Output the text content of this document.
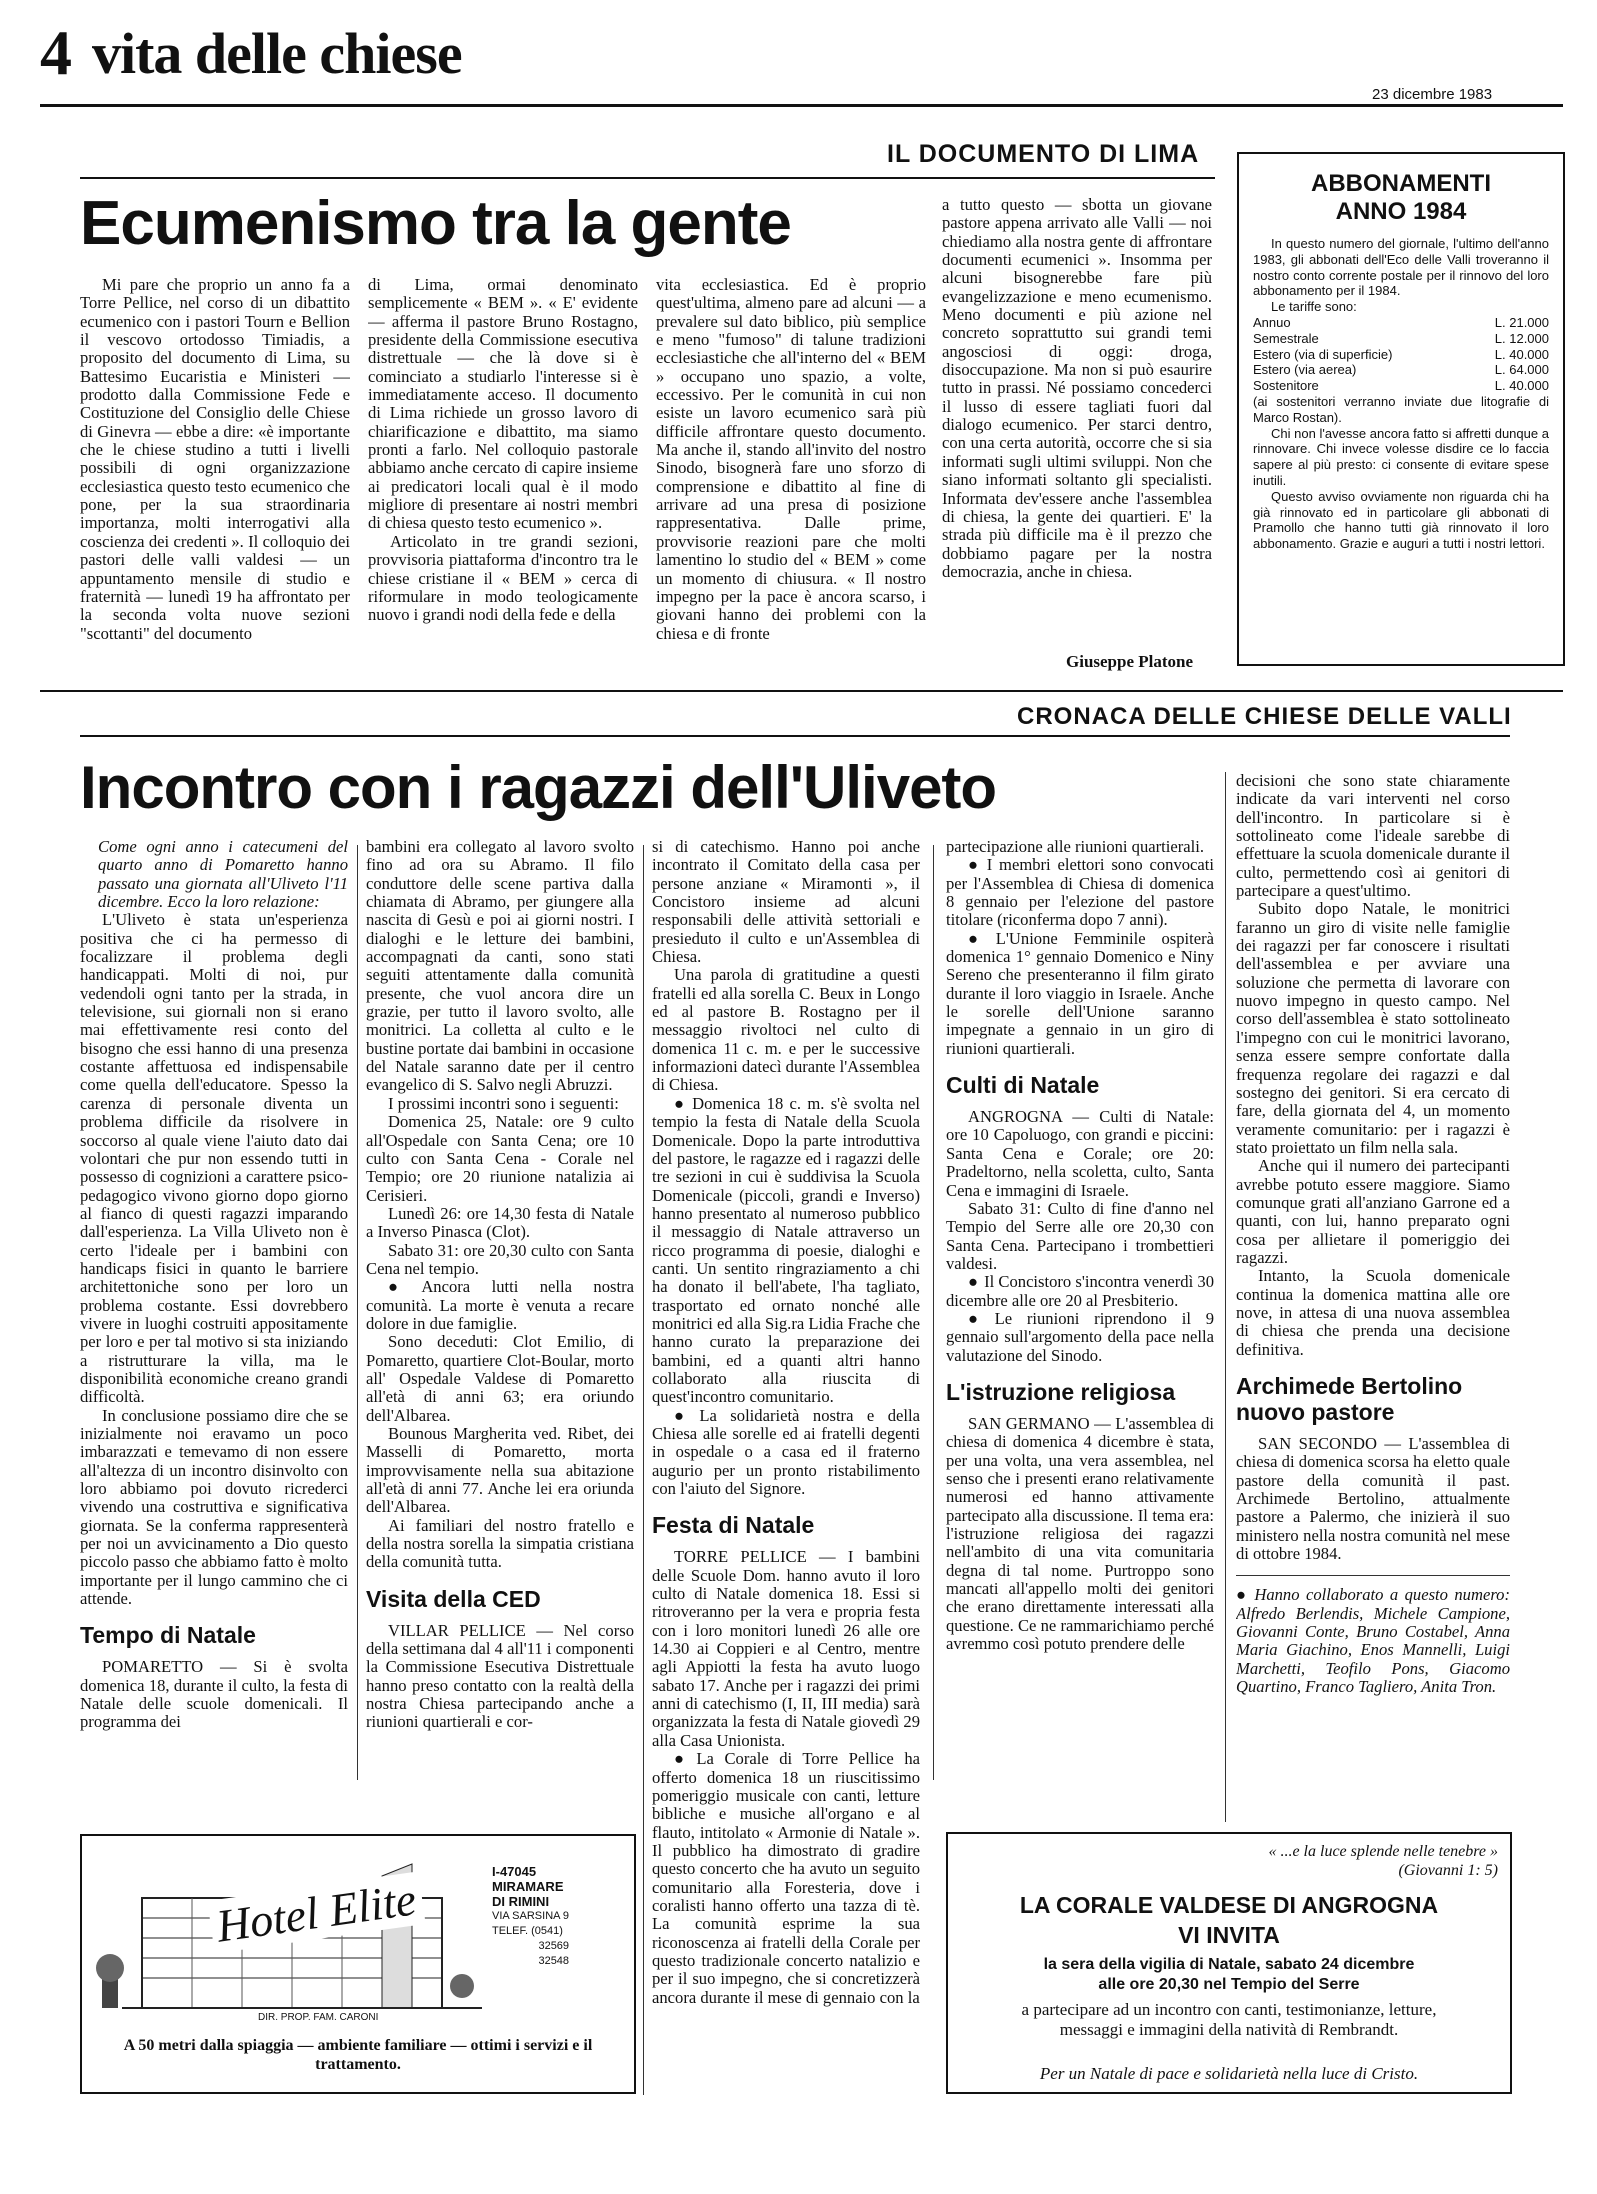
4 vita delle chiese
23 dicembre 1983
IL DOCUMENTO DI LIMA
Ecumenismo tra la gente

Mi pare che proprio un anno fa a Torre Pellice, nel corso di un dibattito ecumenico con i pastori Tourn e Bellion il vescovo ortodosso Timiadis, a proposito del documento di Lima, su Battesimo Eucaristia e Ministeri — prodotto dalla Commissione Fede e Costituzione del Consiglio delle Chiese di Ginevra — ebbe a dire: «è importante che le chiese studino a tutti i livelli possibili di ogni organizzazione ecclesiastica questo testo ecumenico che pone, per la sua straordinaria importanza, molti interrogativi alla coscienza dei credenti ». Il colloquio dei pastori delle valli valdesi — un appuntamento mensile di studio e fraternità — lunedì 19 ha affrontato per la seconda volta nuove sezioni "scottanti" del documento

di Lima, ormai denominato semplicemente « BEM ». « E' evidente — afferma il pastore Bruno Rostagno, presidente della Commissione esecutiva distrettuale — che là dove si è cominciato a studiarlo l'interesse si è immediatamente acceso. Il documento di Lima richiede un grosso lavoro di chiarificazione e dibattito, ma siamo pronti a farlo. Nel colloquio pastorale abbiamo anche cercato di capire insieme ai predicatori locali qual è il modo migliore di presentare ai nostri membri di chiesa questo testo ecumenico ».

Articolato in tre grandi sezioni, provvisoria piattaforma d'incontro tra le chiese cristiane il « BEM » cerca di riformulare in modo teologicamente nuovo i grandi nodi della fede e della

vita ecclesiastica. Ed è proprio quest'ultima, almeno pare ad alcuni — a prevalere sul dato biblico, più semplice e meno "fumoso" di talune tradizioni ecclesiastiche che all'interno del « BEM » occupano uno spazio, a volte, eccessivo. Per le comunità in cui non esiste un lavoro ecumenico sarà più difficile affrontare questo documento. Ma anche il, stando all'invito del nostro Sinodo, bisognerà fare uno sforzo di comprensione e dibattito al fine di arrivare ad una presa di posizione rappresentativa. Dalle prime, provvisorie reazioni pare che molti lamentino lo studio del « BEM » come un momento di chiusura. « Il nostro impegno per la pace è ancora scarso, i giovani hanno dei problemi con la chiesa e di fronte

a tutto questo — sbotta un giovane pastore appena arrivato alle Valli — noi chiediamo alla nostra gente di affrontare documenti ecumenici ». Insomma per alcuni bisognerebbe fare più evangelizzazione e meno ecumenismo. Meno documenti e più azione nel concreto soprattutto sui grandi temi angosciosi di oggi: droga, disoccupazione. Ma non si può esaurire tutto in prassi. Né possiamo concederci il lusso di essere tagliati fuori dal dialogo ecumenico. Per starci dentro, con una certa autorità, occorre che si sia informati sugli ultimi sviluppi. Non che siano informati soltanto gli specialisti. Informata dev'essere anche l'assemblea di chiesa, la gente dei quartieri. E' la strada più difficile ma è il prezzo che dobbiamo pagare per la nostra democrazia, anche in chiesa.

Giuseppe Platone
ABBONAMENTI
ANNO 1984
In questo numero del giornale, l'ultimo dell'anno 1983, gli abbonati dell'Eco delle Valli troveranno il nostro conto corrente postale per il rinnovo del loro abbonamento per il 1984.
Le tariffe sono:
Annuo	L. 21.000
Semestrale	L. 12.000
Estero (via di superficie)	L. 40.000
Estero (via aerea)	L. 64.000
Sostenitore	L. 40.000
(ai sostenitori verranno inviate due litografie di Marco Rostan).
Chi non l'avesse ancora fatto si affretti dunque a rinnovare. Chi invece volesse disdire ce lo faccia sapere al più presto: ci consente di evitare spese inutili.
Questo avviso ovviamente non riguarda chi ha già rinnovato ed in particolare gli abbonati di Pramollo che hanno tutti già rinnovato il loro abbonamento. Grazie e auguri a tutti i nostri lettori.
CRONACA DELLE CHIESE DELLE VALLI
Incontro con i ragazzi dell'Uliveto

Come ogni anno i catecumeni del quarto anno di Pomaretto hanno passato una giornata all'Uliveto l'11 dicembre. Ecco la loro relazione:

L'Uliveto è stata un'esperienza positiva che ci ha permesso di focalizzare il problema degli handicappati. Molti di noi, pur vedendoli ogni tanto per la strada, in televisione, sui giornali non si erano mai effettivamente resi conto del bisogno che essi hanno di una presenza costante affettuosa ed indispensabile come quella dell'educatore. Spesso la carenza di personale diventa un problema difficile da risolvere in soccorso al quale viene l'aiuto dato dai volontari che pur non essendo tutti in possesso di cognizioni a carattere psico-pedagogico vivono giorno dopo giorno al fianco di questi ragazzi imparando dall'esperienza. La Villa Uliveto non è certo l'ideale per i bambini con handicaps fisici in quanto le barriere architettoniche sono per loro un problema costante. Essi dovrebbero vivere in luoghi costruiti appositamente per loro e per tal motivo si sta iniziando a ristrutturare la villa, ma le disponibilità economiche creano grandi difficoltà.

In conclusione possiamo dire che se inizialmente noi eravamo un poco imbarazzati e temevamo di non essere all'altezza di un incontro disinvolto con loro abbiamo poi dovuto ricrederci vivendo una costruttiva e significativa giornata. Se la conferma rappresenterà per noi un avvicinamento a Dio questo piccolo passo che abbiamo fatto è molto importante per il lungo cammino che ci attende.

Tempo di Natale

POMARETTO — Si è svolta domenica 18, durante il culto, la festa di Natale delle scuole domenicali. Il programma dei

bambini era collegato al lavoro svolto fino ad ora su Abramo. Il filo conduttore delle scene partiva dalla chiamata di Abramo, per giungere alla nascita di Gesù e poi ai giorni nostri. I dialoghi e le letture dei bambini, accompagnati da canti, sono stati seguiti attentamente dalla comunità presente, che vuol ancora dire un grazie, per tutto il lavoro svolto, alle monitrici. La colletta al culto e le bustine portate dai bambini in occasione del Natale saranno date per il centro evangelico di S. Salvo negli Abruzzi.

I prossimi incontri sono i seguenti:

Domenica 25, Natale: ore 9 culto all'Ospedale con Santa Cena; ore 10 culto con Santa Cena - Corale nel Tempio; ore 20 riunione natalizia ai Cerisieri.

Lunedì 26: ore 14,30 festa di Natale a Inverso Pinasca (Clot).

Sabato 31: ore 20,30 culto con Santa Cena nel tempio.

● Ancora lutti nella nostra comunità. La morte è venuta a recare dolore in due famiglie.

Sono deceduti: Clot Emilio, di Pomaretto, quartiere Clot-Boular, morto all' Ospedale Valdese di Pomaretto all'età di anni 63; era oriundo dell'Albarea.

Bounous Margherita ved. Ribet, dei Masselli di Pomaretto, morta improvvisamente nella sua abitazione all'età di anni 77. Anche lei era oriunda dell'Albarea.

Ai familiari del nostro fratello e della nostra sorella la simpatia cristiana della comunità tutta.

Visita della CED

VILLAR PELLICE — Nel corso della settimana dal 4 all'11 i componenti la Commissione Esecutiva Distrettuale hanno preso contatto con la realtà della nostra Chiesa partecipando anche a riunioni quartierali e cor-

si di catechismo. Hanno poi anche incontrato il Comitato della casa per persone anziane « Miramonti », il Concistoro insieme ad alcuni responsabili delle attività settoriali e presieduto il culto e un'Assemblea di Chiesa.

Una parola di gratitudine a questi fratelli ed alla sorella C. Beux in Longo ed al pastore B. Rostagno per il messaggio rivoltoci nel culto di domenica 11 c. m. e per le successive informazioni datecì durante l'Assemblea di Chiesa.

● Domenica 18 c. m. s'è svolta nel tempio la festa di Natale della Scuola Domenicale. Dopo la parte introduttiva del pastore, le ragazze ed i ragazzi delle tre sezioni in cui è suddivisa la Scuola Domenicale (piccoli, grandi e Inverso) hanno presentato al numeroso pubblico il messaggio di Natale attraverso un ricco programma di poesie, dialoghi e canti. Un sentito ringraziamento a chi ha donato il bell'abete, l'ha tagliato, trasportato ed ornato nonché alle monitrici ed alla Sig.ra Lidia Frache che hanno curato la preparazione dei bambini, ed a quanti altri hanno collaborato alla riuscita di quest'incontro comunitario.

● La solidarietà nostra e della Chiesa alle sorelle ed ai fratelli degenti in ospedale o a casa ed il fraterno augurio per un pronto ristabilimento con l'aiuto del Signore.

Festa di Natale

TORRE PELLICE — I bambini delle Scuole Dom. hanno avuto il loro culto di Natale domenica 18. Essi si ritroveranno per la vera e propria festa con i loro monitori lunedì 26 alle ore 14.30 ai Coppieri e al Centro, mentre agli Appiotti la festa ha avuto luogo sabato 17. Anche per i ragazzi dei primi anni di catechismo (I, II, III media) sarà organizzata la festa di Natale giovedì 29 alla Casa Unionista.

● La Corale di Torre Pellice ha offerto domenica 18 un riuscitissimo pomeriggio musicale con canti, letture bibliche e musiche all'organo e al flauto, intitolato « Armonie di Natale ». Il pubblico ha dimostrato di gradire questo concerto che ha avuto un seguito comunitario alla Foresteria, dove i coralisti hanno offerto una tazza di tè. La comunità esprime la sua riconoscenza ai fratelli della Corale per questo tradizionale concerto natalizio e per il suo impegno, che si concretizzerà ancora durante il mese di gennaio con la

partecipazione alle riunioni quartierali.

● I membri elettori sono convocati per l'Assemblea di Chiesa di domenica 8 gennaio per l'elezione del pastore titolare (riconferma dopo 7 anni).

● L'Unione Femminile ospiterà domenica 1° gennaio Domenico e Niny Sereno che presenteranno il film girato durante il loro viaggio in Israele. Anche le sorelle dell'Unione saranno impegnate a gennaio in un giro di riunioni quartierali.

Culti di Natale

ANGROGNA — Culti di Natale: ore 10 Capoluogo, con grandi e piccini: Santa Cena e Corale; ore 20: Pradeltorno, nella scoletta, culto, Santa Cena e immagini di Israele.

Sabato 31: Culto di fine d'anno nel Tempio del Serre alle ore 20,30 con Santa Cena. Partecipano i trombettieri valdesi.

● Il Concistoro s'incontra venerdì 30 dicembre alle ore 20 al Presbiterio.

● Le riunioni riprendono il 9 gennaio sull'argomento della pace nella valutazione del Sinodo.

L'istruzione religiosa

SAN GERMANO — L'assemblea di chiesa di domenica 4 dicembre è stata, per una volta, una vera assemblea, nel senso che i presenti erano relativamente numerosi ed hanno attivamente partecipato alla discussione. Il tema era: l'istruzione religiosa dei ragazzi nell'ambito di una vita comunitaria degna di tal nome. Purtroppo sono mancati all'appello molti dei genitori che erano direttamente interessati alla questione. Ce ne rammarichiamo perché avremmo così potuto prendere delle

decisioni che sono state chiaramente indicate da vari interventi nel corso dell'incontro. In particolare si è sottolineato come l'ideale sarebbe di effettuare la scuola domenicale durante il culto, permettendo così ai genitori di partecipare a quest'ultimo.

Subito dopo Natale, le monitrici faranno un giro di visite nelle famiglie dei ragazzi per far conoscere i risultati dell'assemblea e per avviare una soluzione che permetta di lavorare con nuovo impegno in questo campo. Nel corso dell'assemblea è stato sottolineato l'impegno con cui le monitrici lavorano, senza essere sempre confortate dalla frequenza regolare dei ragazzi e dal sostegno dei genitori. Si era cercato di fare, della giornata del 4, un momento veramente comunitario: per i ragazzi è stato proiettato un film nella sala.

Anche qui il numero dei partecipanti avrebbe potuto essere maggiore. Siamo comunque grati all'anziano Garrone ed a quanti, con lui, hanno preparato ogni cosa per allietare il pomeriggio dei ragazzi.

Intanto, la Scuola domenicale continua la domenica mattina alle ore nove, in attesa di una nuova assemblea di chiesa che prenda una decisione definitiva.

Archimede Bertolino nuovo pastore

SAN SECONDO — L'assemblea di chiesa di domenica scorsa ha eletto quale pastore della comunità il past. Archimede Bertolino, attualmente pastore a Palermo, che inizierà il suo ministero nella nostra comunità nel mese di ottobre 1984.

● Hanno collaborato a questo numero: Alfredo Berlendis, Michele Campione, Giovanni Conte, Bruno Costabel, Anna Maria Giachino, Enos Mannelli, Luigi Marchetti, Teofilo Pons, Giacomo Quartino, Franco Tagliero, Anita Tron.

Hotel Elite
I-47045
MIRAMARE
DI RIMINI
VIA SARSINA 9
TELEF. (0541)
32569
32548
DIR. PROP. FAM. CARONI
A 50 metri dalla spiaggia — ambiente familiare — ottimi i servizi e il trattamento.
« ...e la luce splende nelle tenebre »
(Giovanni 1: 5)
LA CORALE VALDESE DI ANGROGNA
VI INVITA
la sera della vigilia di Natale, sabato 24 dicembre
alle ore 20,30 nel Tempio del Serre
a partecipare ad un incontro con canti, testimonianze, letture, messaggi e immagini della natività di Rembrandt.
Per un Natale di pace e solidarietà nella luce di Cristo.
